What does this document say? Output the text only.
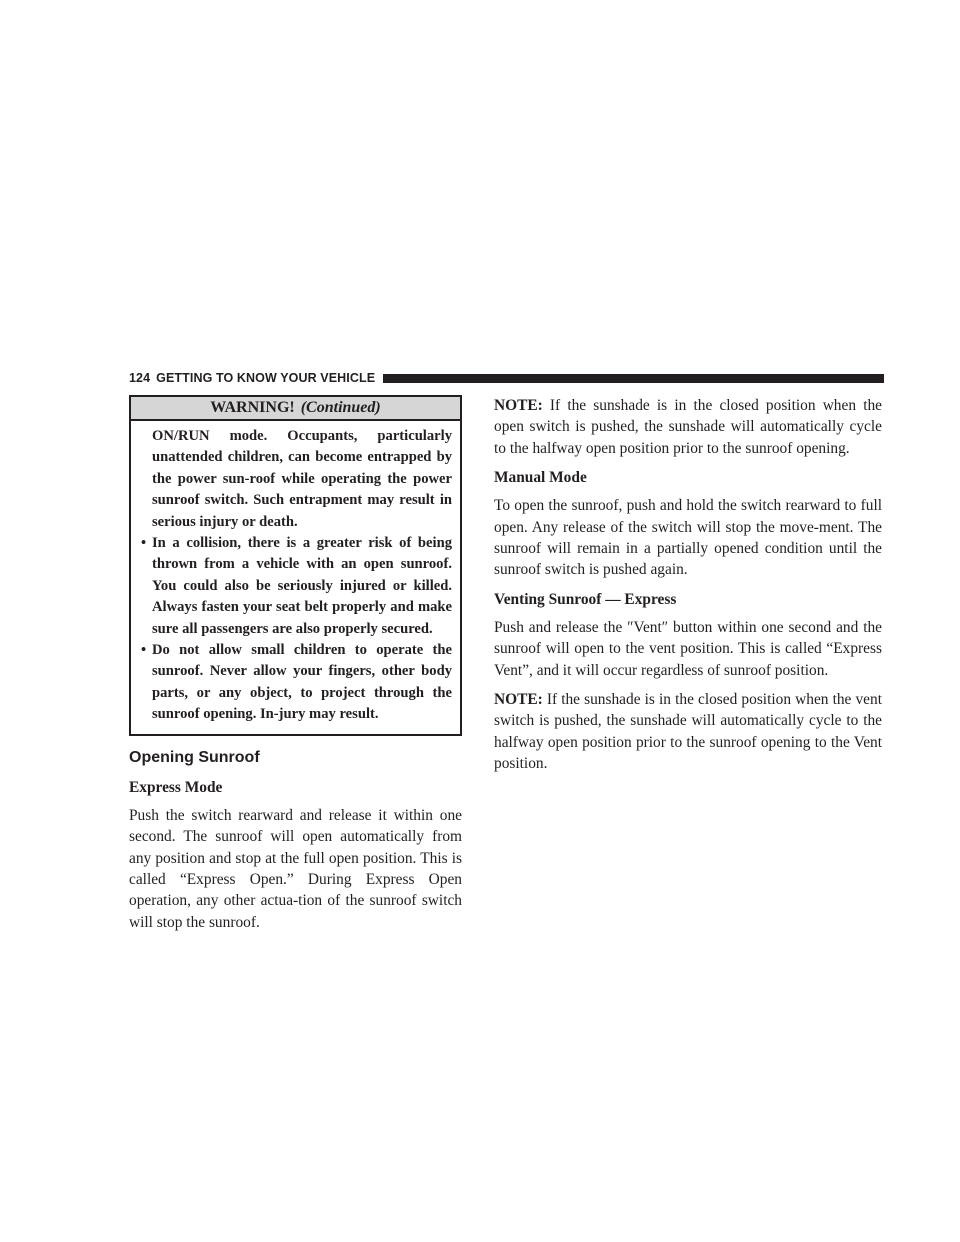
124 GETTING TO KNOW YOUR VEHICLE
WARNING! (Continued)

ON/RUN mode. Occupants, particularly unattended children, can become entrapped by the power sun-roof while operating the power sunroof switch. Such entrapment may result in serious injury or death.

• In a collision, there is a greater risk of being thrown from a vehicle with an open sunroof. You could also be seriously injured or killed. Always fasten your seat belt properly and make sure all passengers are also properly secured.
• Do not allow small children to operate the sunroof. Never allow your fingers, other body parts, or any object, to project through the sunroof opening. In-jury may result.
Opening Sunroof
Express Mode

Push the switch rearward and release it within one second. The sunroof will open automatically from any position and stop at the full open position. This is called “Express Open.” During Express Open operation, any other actua-tion of the sunroof switch will stop the sunroof.

NOTE: If the sunshade is in the closed position when the open switch is pushed, the sunshade will automatically cycle to the halfway open position prior to the sunroof opening.

Manual Mode

To open the sunroof, push and hold the switch rearward to full open. Any release of the switch will stop the move-ment. The sunroof will remain in a partially opened condition until the sunroof switch is pushed again.

Venting Sunroof — Express

Push and release the ″Vent″ button within one second and the sunroof will open to the vent position. This is called “Express Vent”, and it will occur regardless of sunroof position.

NOTE: If the sunshade is in the closed position when the vent switch is pushed, the sunshade will automatically cycle to the halfway open position prior to the sunroof opening to the Vent position.
